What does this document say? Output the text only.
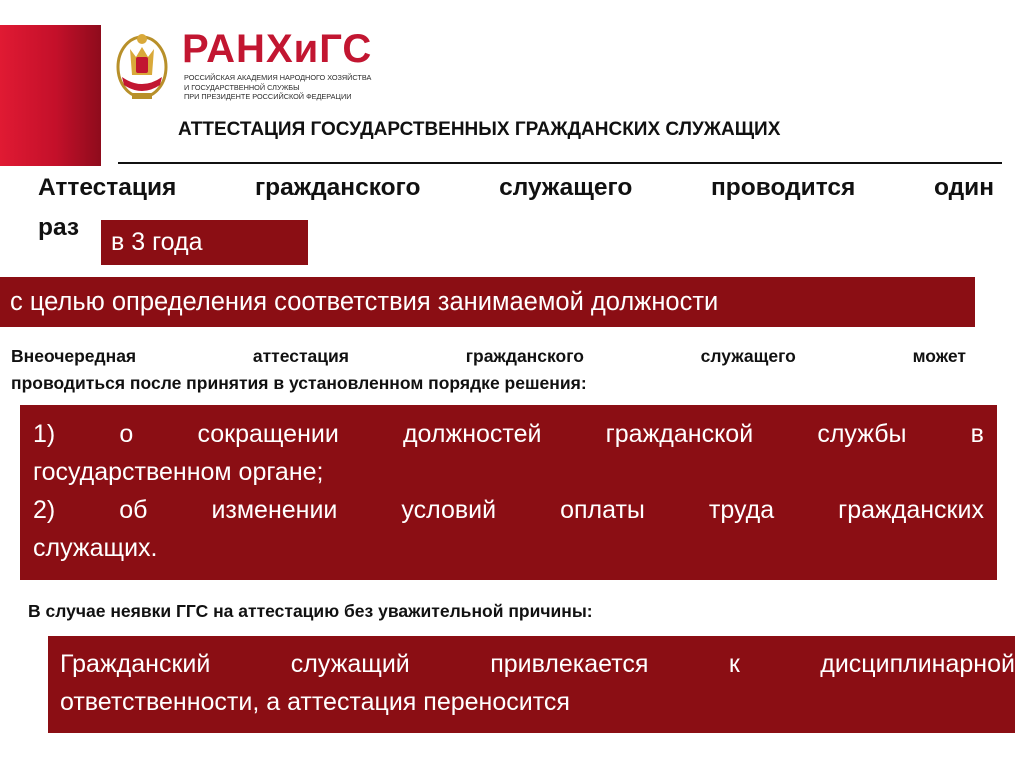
РАНХиГС
РОССИЙСКАЯ АКАДЕМИЯ НАРОДНОГО ХОЗЯЙСТВА
И ГОСУДАРСТВЕННОЙ СЛУЖБЫ
ПРИ ПРЕЗИДЕНТЕ РОССИЙСКОЙ ФЕДЕРАЦИИ
АТТЕСТАЦИЯ ГОСУДАРСТВЕННЫХ ГРАЖДАНСКИХ СЛУЖАЩИХ
Аттестация	гражданского	служащего	проводится	один
раз
в 3 года
с целью определения соответствия занимаемой должности
Внеочередная	аттестация	гражданского	служащего	может
проводиться после принятия в установленном порядке решения:
1)	о	сокращении	должностей	гражданской	службы	в
государственном органе;
2)	об	изменении	условий	оплаты	труда	гражданских
служащих.
В случае неявки ГГС на аттестацию без уважительной причины:
Гражданский	служащий	привлекается	к	дисциплинарной
ответственности, а аттестация переносится
